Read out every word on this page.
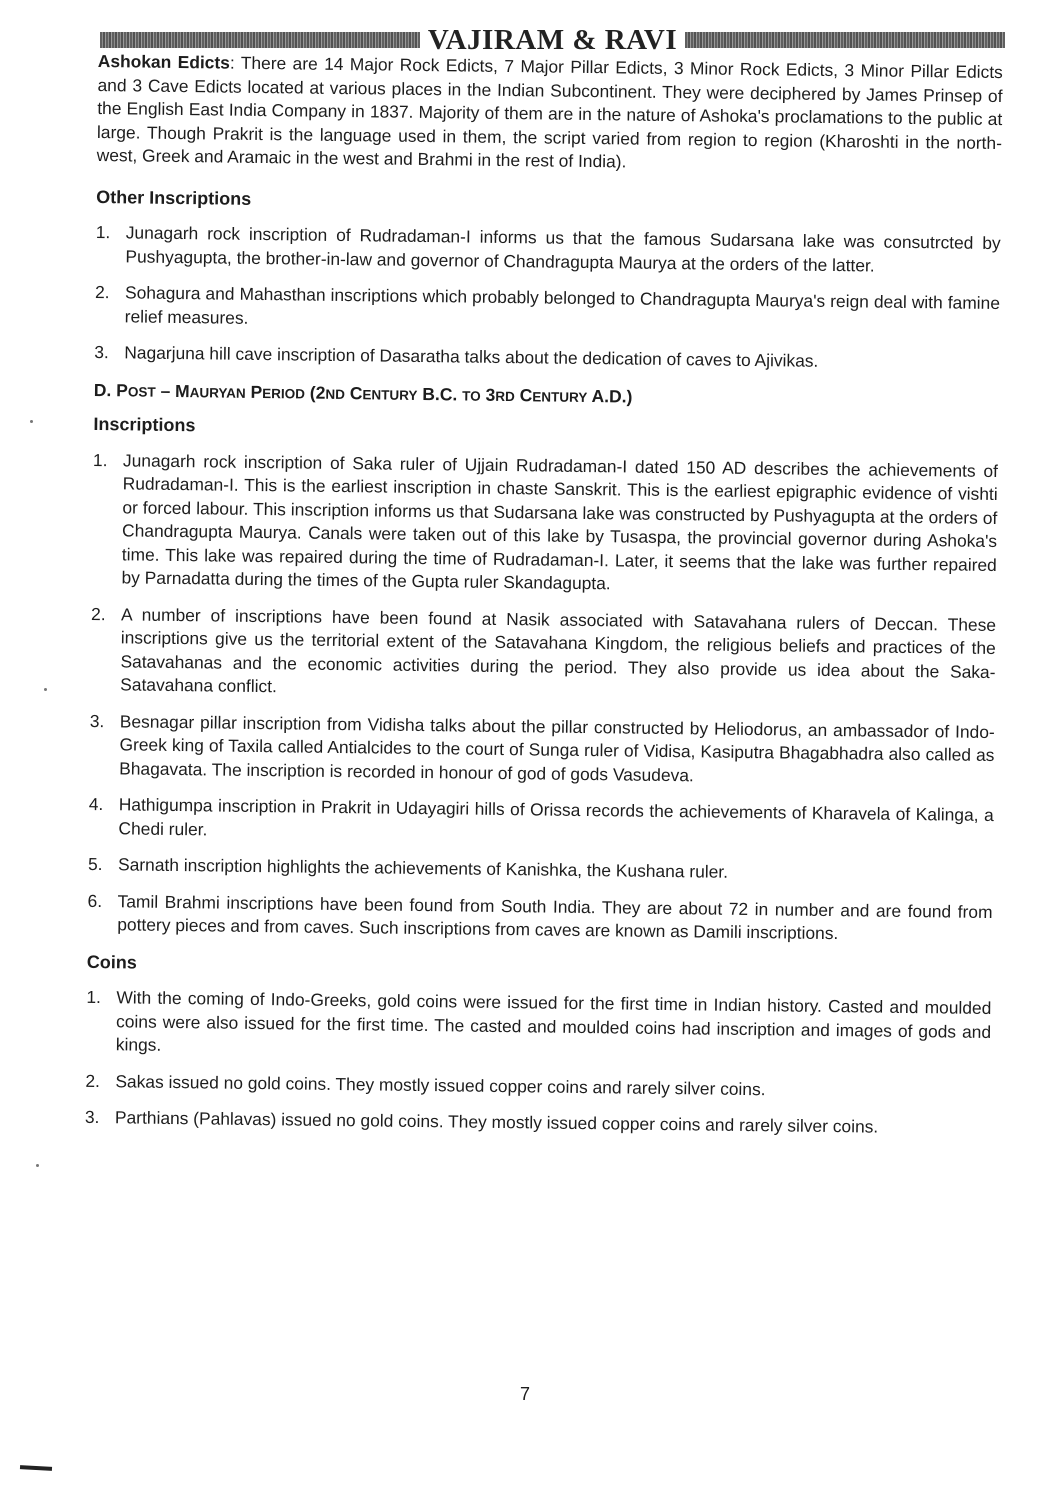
VAJIRAM & RAVI

Ashokan Edicts: There are 14 Major Rock Edicts, 7 Major Pillar Edicts, 3 Minor Rock Edicts, 3 Minor Pillar Edicts and 3 Cave Edicts located at various places in the Indian Subcontinent. They were deciphered by James Prinsep of the English East India Company in 1837. Majority of them are in the nature of Ashoka's proclamations to the public at large. Though Prakrit is the language used in them, the script varied from region to region (Kharoshti in the north-west, Greek and Aramaic in the west and Brahmi in the rest of India).

Other Inscriptions
1. Junagarh rock inscription of Rudradaman-I informs us that the famous Sudarsana lake was consutrcted by Pushyagupta, the brother-in-law and governor of Chandragupta Maurya at the orders of the latter.
2. Sohagura and Mahasthan inscriptions which probably belonged to Chandragupta Maurya's reign deal with famine relief measures.
3. Nagarjuna hill cave inscription of Dasaratha talks about the dedication of caves to Ajivikas.
D. POST – MAURYAN PERIOD (2ND CENTURY B.C. TO 3RD CENTURY A.D.)
Inscriptions
1. Junagarh rock inscription of Saka ruler of Ujjain Rudradaman-I dated 150 AD describes the achievements of Rudradaman-I. This is the earliest inscription in chaste Sanskrit. This is the earliest epigraphic evidence of vishti or forced labour. This inscription informs us that Sudarsana lake was constructed by Pushyagupta at the orders of Chandragupta Maurya. Canals were taken out of this lake by Tusaspa, the provincial governor during Ashoka's time. This lake was repaired during the time of Rudradaman-I. Later, it seems that the lake was further repaired by Parnadatta during the times of the Gupta ruler Skandagupta.
2. A number of inscriptions have been found at Nasik associated with Satavahana rulers of Deccan. These inscriptions give us the territorial extent of the Satavahana Kingdom, the religious beliefs and practices of the Satavahanas and the economic activities during the period. They also provide us idea about the Saka-Satavahana conflict.
3. Besnagar pillar inscription from Vidisha talks about the pillar constructed by Heliodorus, an ambassador of Indo-Greek king of Taxila called Antialcides to the court of Sunga ruler of Vidisa, Kasiputra Bhagabhadra also called as Bhagavata. The inscription is recorded in honour of god of gods Vasudeva.
4. Hathigumpa inscription in Prakrit in Udayagiri hills of Orissa records the achievements of Kharavela of Kalinga, a Chedi ruler.
5. Sarnath inscription highlights the achievements of Kanishka, the Kushana ruler.
6. Tamil Brahmi inscriptions have been found from South India. They are about 72 in number and are found from pottery pieces and from caves. Such inscriptions from caves are known as Damili inscriptions.
Coins
1. With the coming of Indo-Greeks, gold coins were issued for the first time in Indian history. Casted and moulded coins were also issued for the first time. The casted and moulded coins had inscription and images of gods and kings.
2. Sakas issued no gold coins. They mostly issued copper coins and rarely silver coins.
3. Parthians (Pahlavas) issued no gold coins. They mostly issued copper coins and rarely silver coins.
7
